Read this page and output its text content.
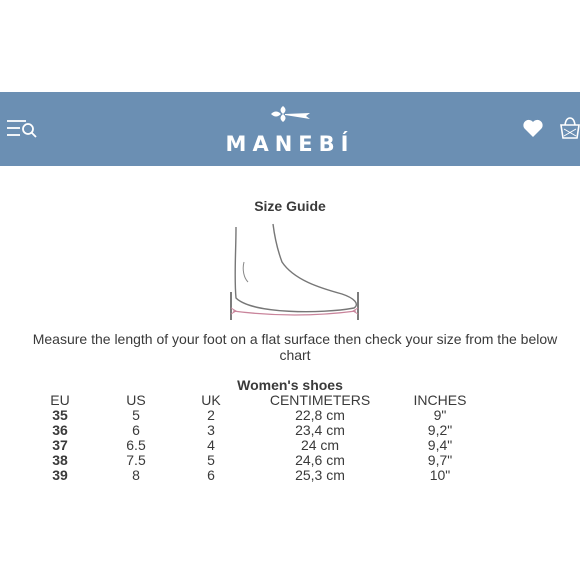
MANEBÍ
Size Guide
Measure the length of your foot on a flat surface then check your size from the below chart
Women's shoes
EU	US	UK	CENTIMETERS	INCHES
35	5	2	22,8 cm	9"
36	6	3	23,4 cm	9,2"
37	6.5	4	24 cm	9,4"
38	7.5	5	24,6 cm	9,7"
39	8	6	25,3 cm	10"
